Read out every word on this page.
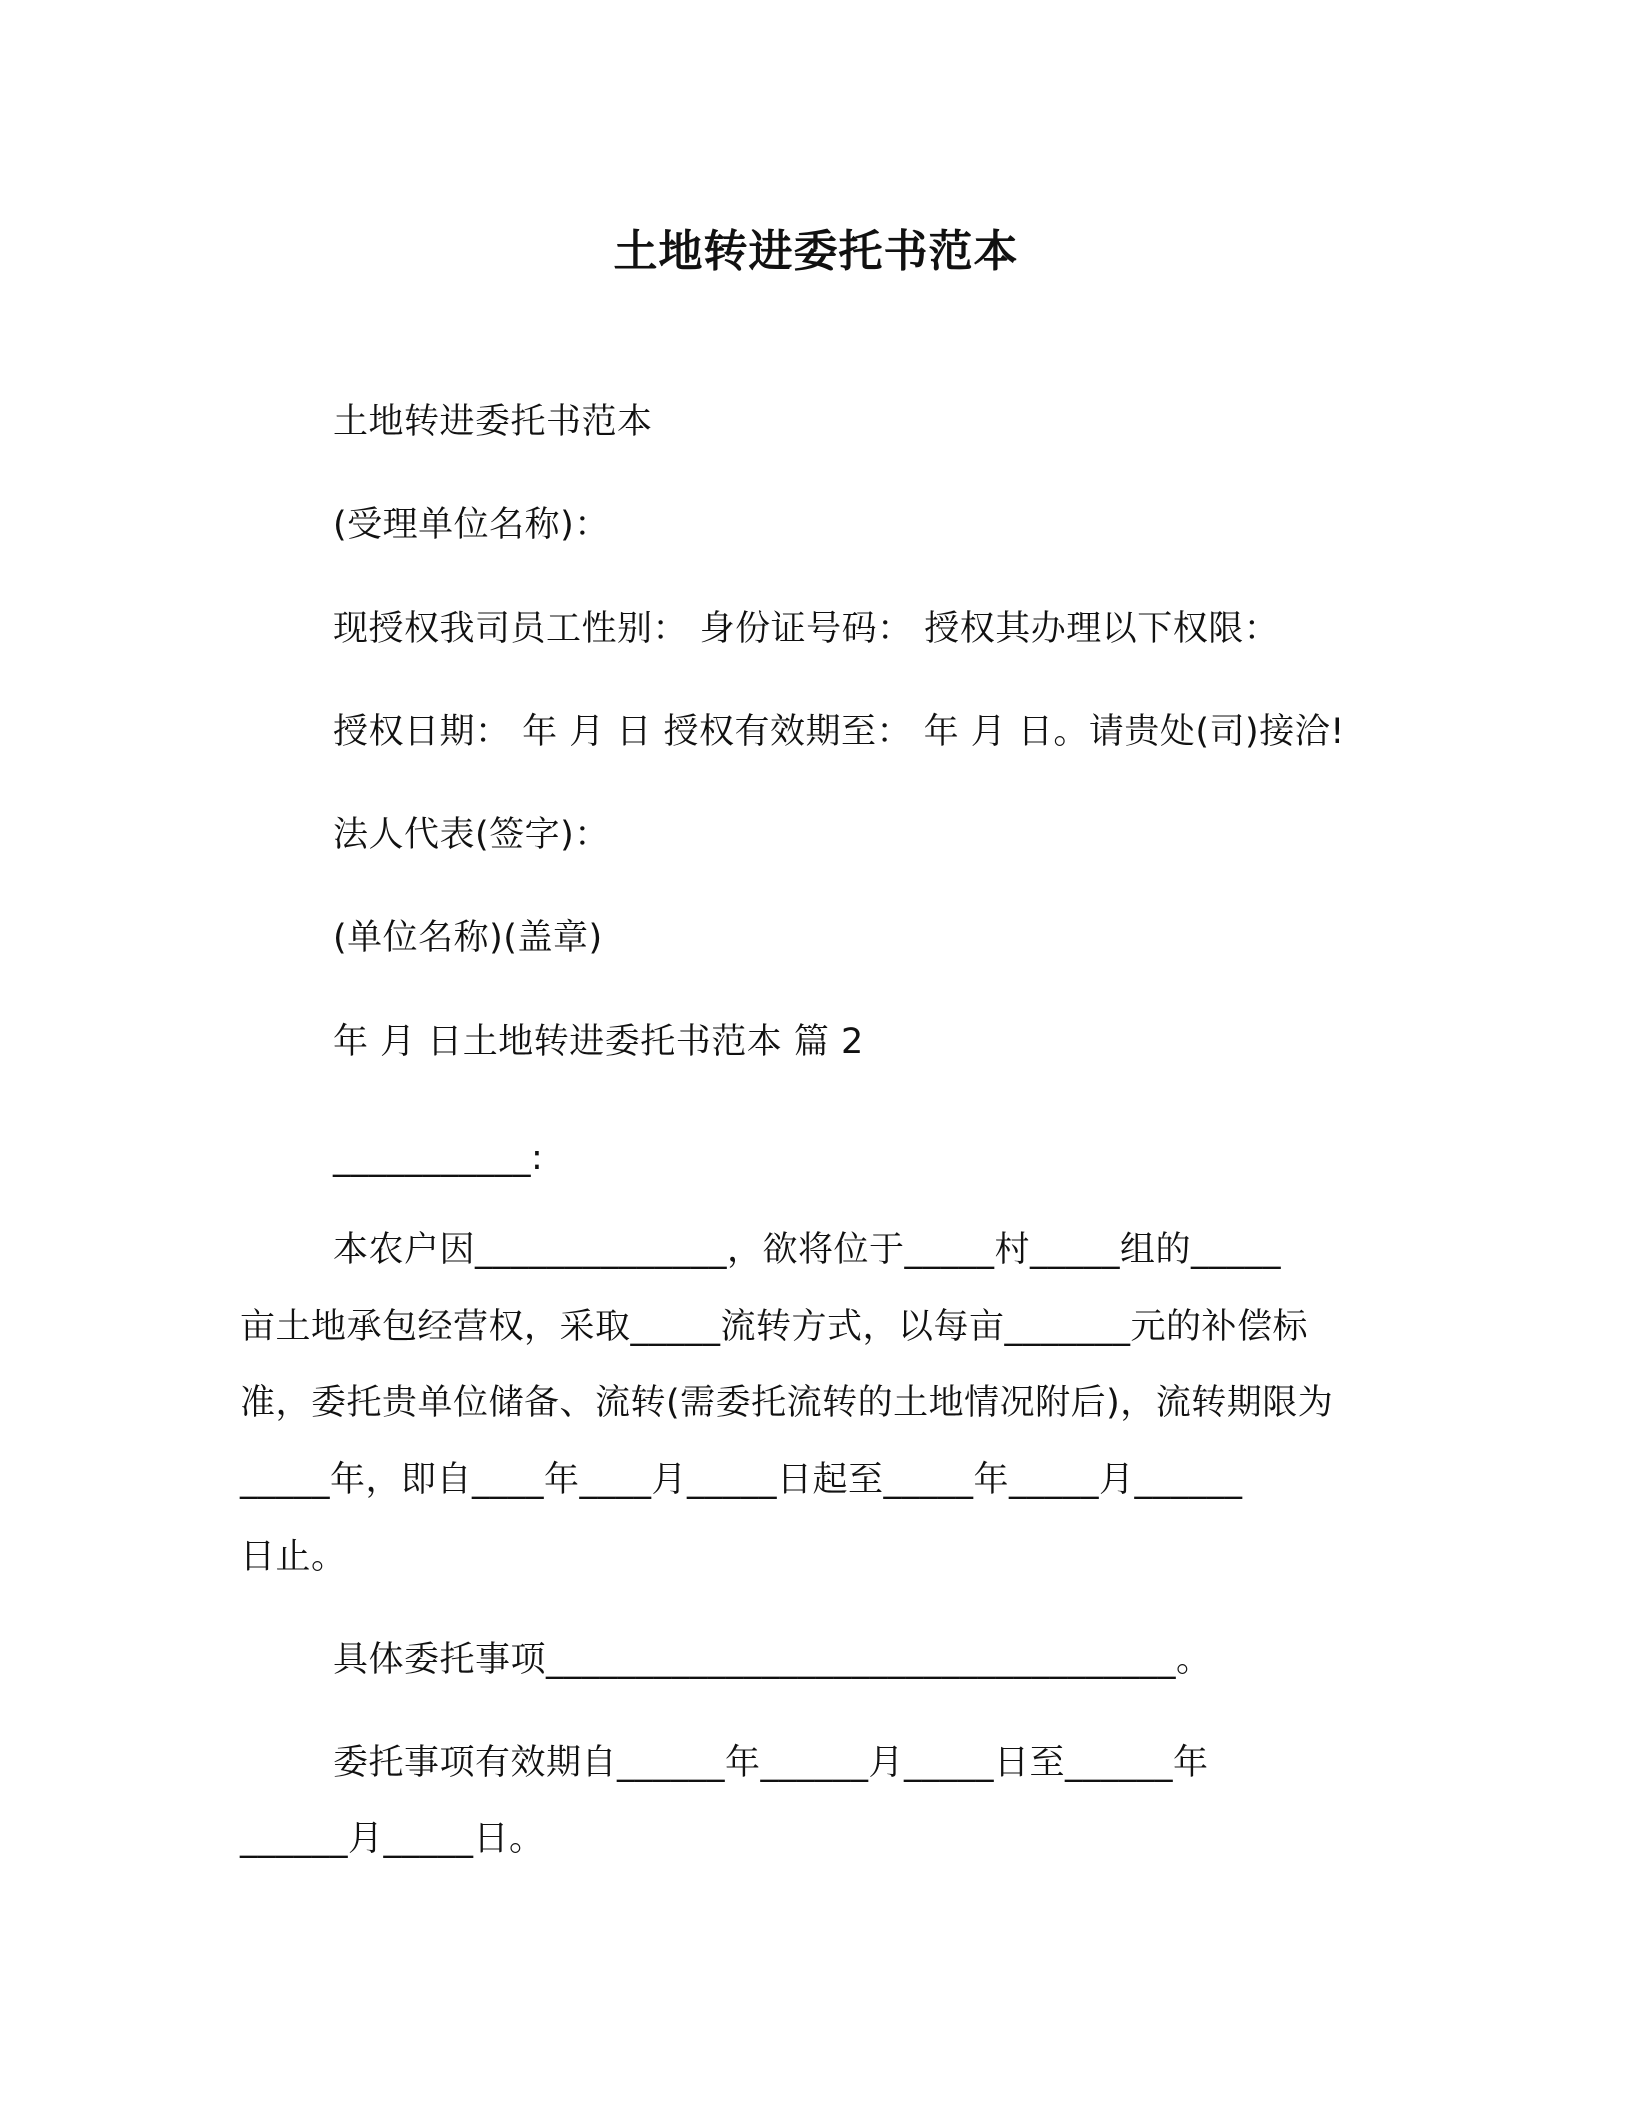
土地转进委托书范本

土地转进委托书范本

(受理单位名称)：

现授权我司员工性别： 身份证号码： 授权其办理以下权限：

授权日期： 年 月 日 授权有效期至： 年 月 日。请贵处(司)接洽!

法人代表(签字)：

(单位名称)(盖章)

年 月 日土地转进委托书范本 篇 2

___________:

本农户因______________，欲将位于_____村_____组的_____

亩土地承包经营权，采取_____流转方式，以每亩_______元的补偿标

准，委托贵单位储备、流转(需委托流转的土地情况附后)，流转期限为

_____年，即自____年____月_____日起至_____年_____月______

日止。

具体委托事项___________________________________。

委托事项有效期自______年______月_____日至______年

______月_____日。
